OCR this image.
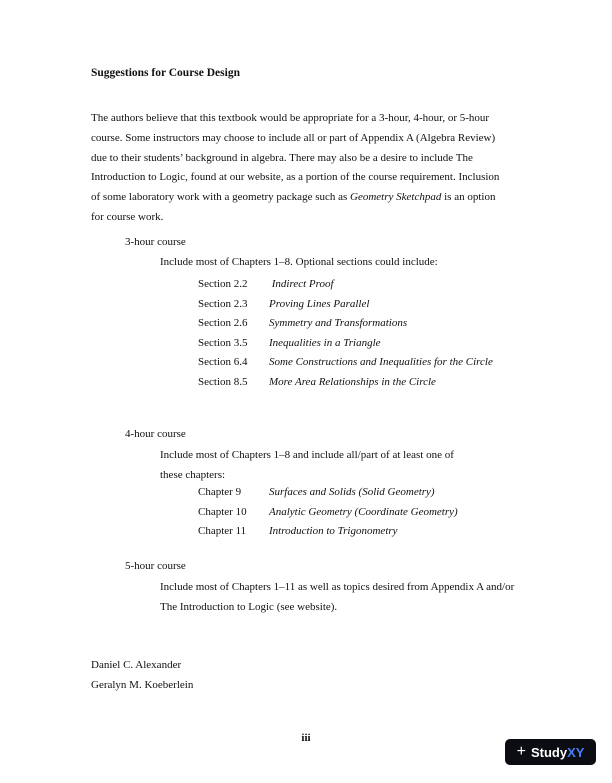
Suggestions for Course Design
The authors believe that this textbook would be appropriate for a 3-hour, 4-hour, or 5-hour
course. Some instructors may choose to include all or part of Appendix A (Algebra Review)
due to their students’ background in algebra. There may also be a desire to include The
Introduction to Logic, found at our website, as a portion of the course requirement. Inclusion
of some laboratory work with a geometry package such as Geometry Sketchpad is an option
for course work.
3-hour course
Include most of Chapters 1–8. Optional sections could include:
Section 2.2 Indirect Proof
Section 2.3 Proving Lines Parallel
Section 2.6 Symmetry and Transformations
Section 3.5 Inequalities in a Triangle
Section 6.4 Some Constructions and Inequalities for the Circle
Section 8.5 More Area Relationships in the Circle
4-hour course
Include most of Chapters 1–8 and include all/part of at least one of
these chapters:
Chapter 9	Surfaces and Solids (Solid Geometry)
Chapter 10 Analytic Geometry (Coordinate Geometry)
Chapter 11 Introduction to Trigonometry
5-hour course
Include most of Chapters 1–11 as well as topics desired from Appendix A and/or
The Introduction to Logic (see website).
Daniel C. Alexander
Geralyn M. Koeberlein
iii
+ StudyXY
